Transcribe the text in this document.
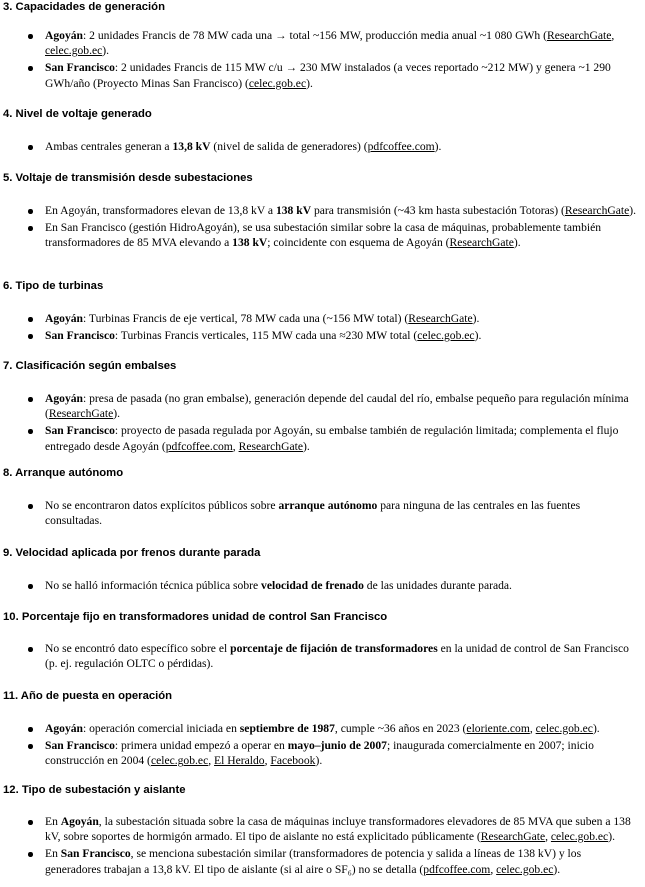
3. Capacidades de generación
Agoyán: 2 unidades Francis de 78 MW cada una → total ~156 MW, producción media anual ~1 080 GWh (ResearchGate, celec.gob.ec).
San Francisco: 2 unidades Francis de 115 MW c/u → 230 MW instalados (a veces reportado ~212 MW) y genera ~1 290 GWh/año (Proyecto Minas San Francisco) (celec.gob.ec).
4. Nivel de voltaje generado
Ambas centrales generan a 13,8 kV (nivel de salida de generadores) (pdfcoffee.com).
5. Voltaje de transmisión desde subestaciones
En Agoyán, transformadores elevan de 13,8 kV a 138 kV para transmisión (~43 km hasta subestación Totoras) (ResearchGate).
En San Francisco (gestión HidroAgoyán), se usa subestación similar sobre la casa de máquinas, probablemente también transformadores de 85 MVA elevando a 138 kV; coincidente con esquema de Agoyán (ResearchGate).
6. Tipo de turbinas
Agoyán: Turbinas Francis de eje vertical, 78 MW cada una (~156 MW total) (ResearchGate).
San Francisco: Turbinas Francis verticales, 115 MW cada una ≈230 MW total (celec.gob.ec).
7. Clasificación según embalses
Agoyán: presa de pasada (no gran embalse), generación depende del caudal del río, embalse pequeño para regulación mínima (ResearchGate).
San Francisco: proyecto de pasada regulada por Agoyán, su embalse también de regulación limitada; complementa el flujo entregado desde Agoyán (pdfcoffee.com, ResearchGate).
8. Arranque autónomo
No se encontraron datos explícitos públicos sobre arranque autónomo para ninguna de las centrales en las fuentes consultadas.
9. Velocidad aplicada por frenos durante parada
No se halló información técnica pública sobre velocidad de frenado de las unidades durante parada.
10. Porcentaje fijo en transformadores unidad de control San Francisco
No se encontró dato específico sobre el porcentaje de fijación de transformadores en la unidad de control de San Francisco (p. ej. regulación OLTC o pérdidas).
11. Año de puesta en operación
Agoyán: operación comercial iniciada en septiembre de 1987, cumple ~36 años en 2023 (eloriente.com, celec.gob.ec).
San Francisco: primera unidad empezó a operar en mayo–junio de 2007; inaugurada comercialmente en 2007; inicio construcción en 2004 (celec.gob.ec, El Heraldo, Facebook).
12. Tipo de subestación y aislante
En Agoyán, la subestación situada sobre la casa de máquinas incluye transformadores elevadores de 85 MVA que suben a 138 kV, sobre soportes de hormigón armado. El tipo de aislante no está explicitado públicamente (ResearchGate, celec.gob.ec).
En San Francisco, se menciona subestación similar (transformadores de potencia y salida a líneas de 138 kV) y los generadores trabajan a 13,8 kV. El tipo de aislante (si al aire o SF₆) no se detalla (pdfcoffee.com, celec.gob.ec).
